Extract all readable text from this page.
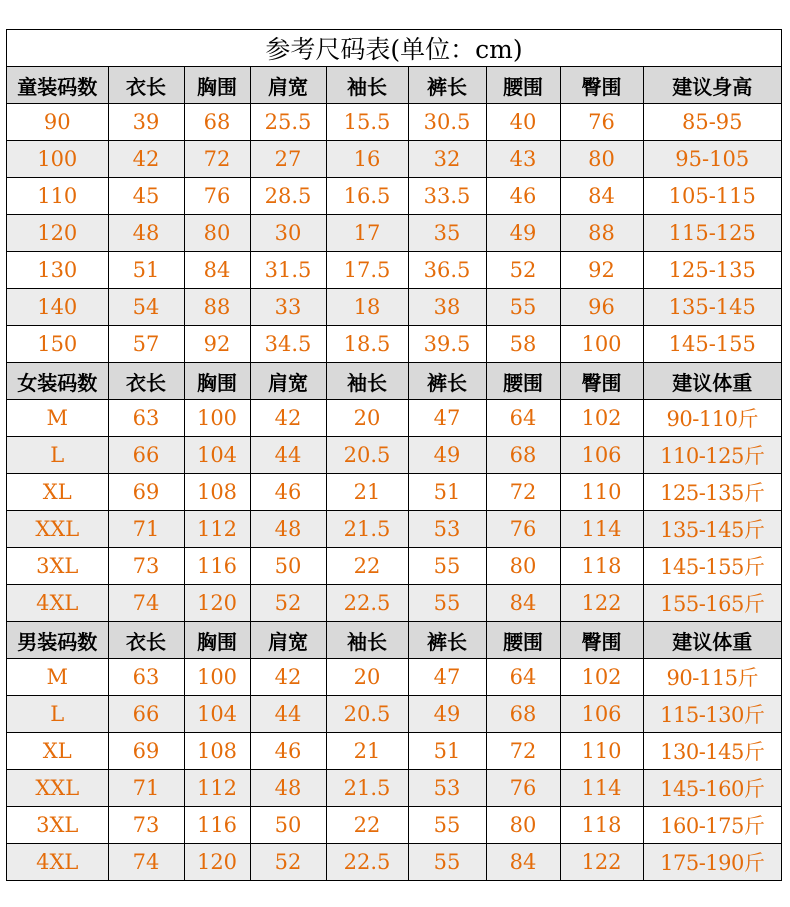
参考尺码表(单位：cm)								
童装码数	衣长	胸围	肩宽	袖长	裤长	腰围	臀围	建议身高
90	39	68	25.5	15.5	30.5	40	76	85-95
100	42	72	27	16	32	43	80	95-105
110	45	76	28.5	16.5	33.5	46	84	105-115
120	48	80	30	17	35	49	88	115-125
130	51	84	31.5	17.5	36.5	52	92	125-135
140	54	88	33	18	38	55	96	135-145
150	57	92	34.5	18.5	39.5	58	100	145-155
女装码数	衣长	胸围	肩宽	袖长	裤长	腰围	臀围	建议体重
M	63	100	42	20	47	64	102	90-110斤
L	66	104	44	20.5	49	68	106	110-125斤
XL	69	108	46	21	51	72	110	125-135斤
XXL	71	112	48	21.5	53	76	114	135-145斤
3XL	73	116	50	22	55	80	118	145-155斤
4XL	74	120	52	22.5	55	84	122	155-165斤
男装码数	衣长	胸围	肩宽	袖长	裤长	腰围	臀围	建议体重
M	63	100	42	20	47	64	102	90-115斤
L	66	104	44	20.5	49	68	106	115-130斤
XL	69	108	46	21	51	72	110	130-145斤
XXL	71	112	48	21.5	53	76	114	145-160斤
3XL	73	116	50	22	55	80	118	160-175斤
4XL	74	120	52	22.5	55	84	122	175-190斤
